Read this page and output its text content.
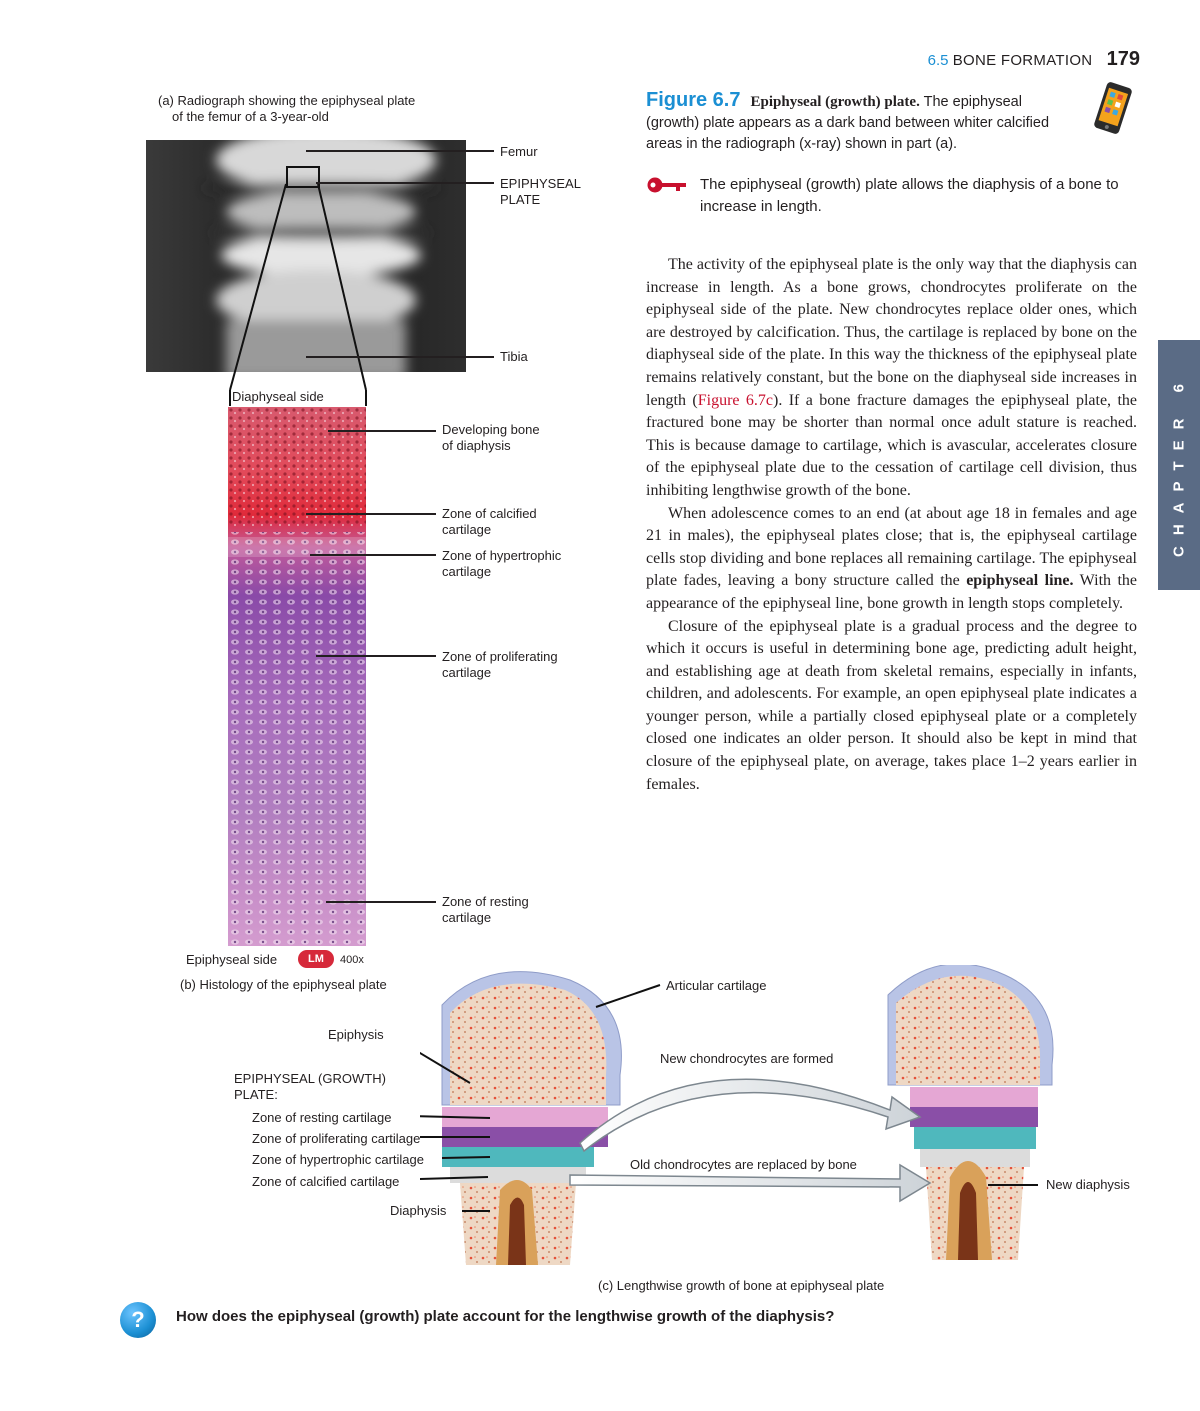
6.5 BONE FORMATION 179
CHAPTER 6
Figure 6.7 Epiphyseal (growth) plate. The epiphyseal (growth) plate appears as a dark band between whiter calcified areas in the radiograph (x-ray) shown in part (a).
The epiphyseal (growth) plate allows the diaphysis of a bone to increase in length.

The activity of the epiphyseal plate is the only way that the diaphysis can increase in length. As a bone grows, chondrocytes proliferate on the epiphyseal side of the plate. New chondrocytes replace older ones, which are destroyed by calcification. Thus, the cartilage is replaced by bone on the diaphyseal side of the plate. In this way the thickness of the epiphyseal plate remains relatively constant, but the bone on the diaphyseal side increases in length (Figure 6.7c). If a bone fracture damages the epiphyseal plate, the fractured bone may be shorter than normal once adult stature is reached. This is because damage to cartilage, which is avascular, accelerates closure of the epiphyseal plate due to the cessation of cartilage cell division, thus inhibiting lengthwise growth of the bone.

When adolescence comes to an end (at about age 18 in females and age 21 in males), the epiphyseal plates close; that is, the epiphyseal cartilage cells stop dividing and bone replaces all remaining cartilage. The epiphyseal plate fades, leaving a bony structure called the epiphyseal line. With the appearance of the epiphyseal line, bone growth in length stops completely.

Closure of the epiphyseal plate is a gradual process and the degree to which it occurs is useful in determining bone age, predicting adult height, and establishing age at death from skeletal remains, especially in infants, children, and adolescents. For example, an open epiphyseal plate indicates a younger person, while a partially closed epiphyseal plate or a completely closed one indicates an older person. It should also be kept in mind that closure of the epiphyseal plate, on average, takes place 1–2 years earlier in females.

(a) Radiograph showing the epiphyseal plate
of the femur of a 3-year-old
Femur
EPIPHYSEAL
PLATE
Tibia
Diaphyseal side
Developing bone
of diaphysis
Zone of calcified
cartilage
Zone of hypertrophic
cartilage
Zone of proliferating
cartilage
Zone of resting
cartilage
Epiphyseal side	LM	400x
(b) Histology of the epiphyseal plate
Epiphysis
EPIPHYSEAL (GROWTH)
PLATE:
Zone of resting cartilage
Zone of proliferating cartilage
Zone of hypertrophic cartilage
Zone of calcified cartilage
Diaphysis
Articular cartilage
New chondrocytes are formed
Old chondrocytes are replaced by bone
New diaphysis
(c) Lengthwise growth of bone at epiphyseal plate
?	How does the epiphyseal (growth) plate account for the lengthwise growth of the diaphysis?
